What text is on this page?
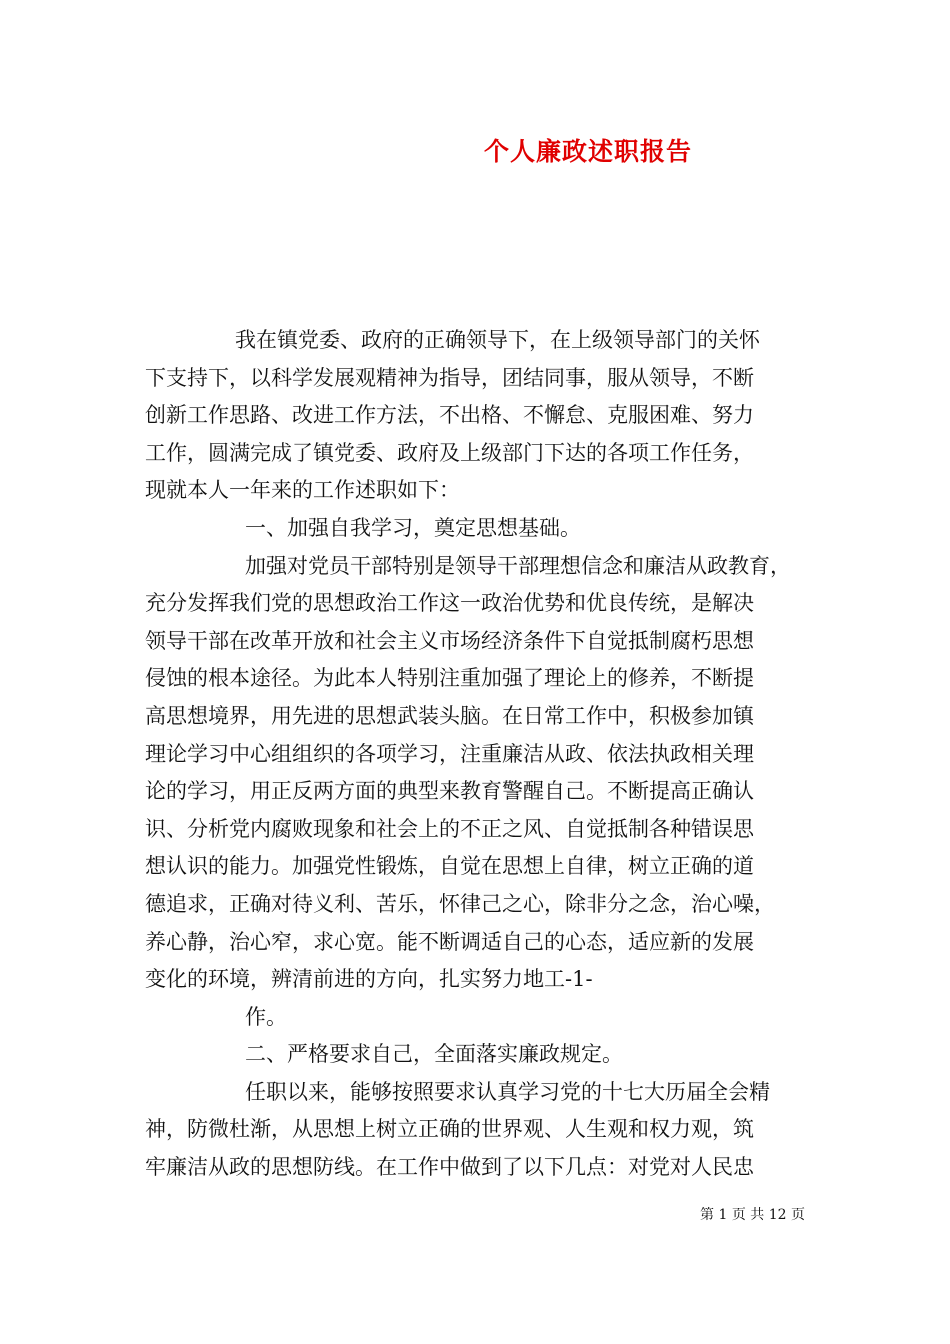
个人廉政述职报告

我在镇党委、政府的正确领导下，在上级领导部门的关怀

下支持下，以科学发展观精神为指导，团结同事，服从领导，不断

创新工作思路、改进工作方法，不出格、不懈怠、克服困难、努力

工作，圆满完成了镇党委、政府及上级部门下达的各项工作任务，

现就本人一年来的工作述职如下：

一、加强自我学习，奠定思想基础。

加强对党员干部特别是领导干部理想信念和廉洁从政教育，

充分发挥我们党的思想政治工作这一政治优势和优良传统，是解决

领导干部在改革开放和社会主义市场经济条件下自觉抵制腐朽思想

侵蚀的根本途径。为此本人特别注重加强了理论上的修养，不断提

高思想境界，用先进的思想武装头脑。在日常工作中，积极参加镇

理论学习中心组组织的各项学习，注重廉洁从政、依法执政相关理

论的学习，用正反两方面的典型来教育警醒自己。不断提高正确认

识、分析党内腐败现象和社会上的不正之风、自觉抵制各种错误思

想认识的能力。加强党性锻炼，自觉在思想上自律，树立正确的道

德追求，正确对待义利、苦乐，怀律己之心，除非分之念，治心噪，

养心静，治心窄，求心宽。能不断调适自己的心态，适应新的发展

变化的环境，辨清前进的方向，扎实努力地工-1-

作。

二、严格要求自己，全面落实廉政规定。

任职以来，能够按照要求认真学习党的十七大历届全会精

神，防微杜渐，从思想上树立正确的世界观、人生观和权力观，筑

牢廉洁从政的思想防线。在工作中做到了以下几点：对党对人民忠

第 1 页 共 12 页
